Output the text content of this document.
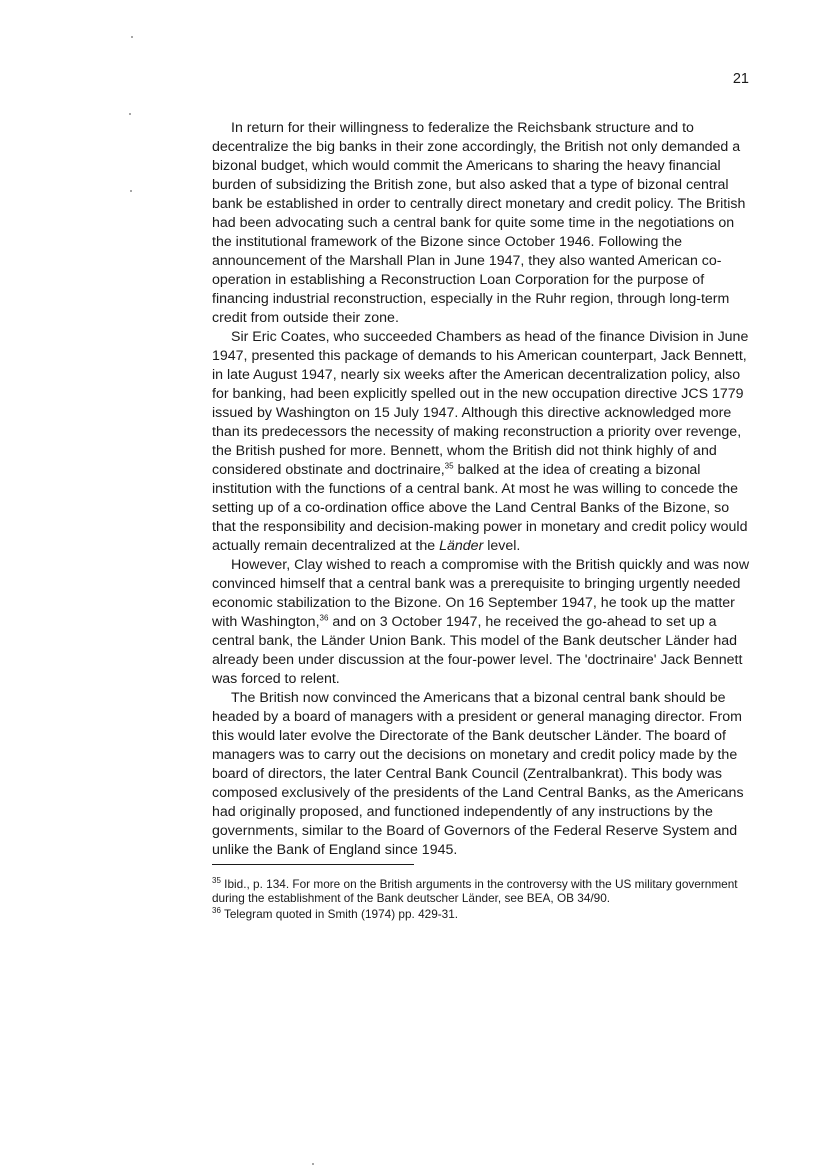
21

In return for their willingness to federalize the Reichsbank structure and to decentralize the big banks in their zone accordingly, the British not only demanded a bizonal budget, which would commit the Americans to sharing the heavy financial burden of subsidizing the British zone, but also asked that a type of bizonal central bank be established in order to centrally direct monetary and credit policy. The British had been advocating such a central bank for quite some time in the negotiations on the institutional framework of the Bizone since October 1946. Following the announcement of the Marshall Plan in June 1947, they also wanted American co-operation in establishing a Reconstruction Loan Corporation for the purpose of financing industrial reconstruction, especially in the Ruhr region, through long-term credit from outside their zone.

Sir Eric Coates, who succeeded Chambers as head of the finance Division in June 1947, presented this package of demands to his American counterpart, Jack Bennett, in late August 1947, nearly six weeks after the American decentralization policy, also for banking, had been explicitly spelled out in the new occupation directive JCS 1779 issued by Washington on 15 July 1947. Although this directive acknowledged more than its predecessors the necessity of making reconstruction a priority over revenge, the British pushed for more. Bennett, whom the British did not think highly of and considered obstinate and doctrinaire,$^{35}$ balked at the idea of creating a bizonal institution with the functions of a central bank. At most he was willing to concede the setting up of a co-ordination office above the Land Central Banks of the Bizone, so that the responsibility and decision-making power in monetary and credit policy would actually remain decentralized at the Länder level.

However, Clay wished to reach a compromise with the British quickly and was now convinced himself that a central bank was a prerequisite to bringing urgently needed economic stabilization to the Bizone. On 16 September 1947, he took up the matter with Washington,$^{36}$ and on 3 October 1947, he received the go-ahead to set up a central bank, the Länder Union Bank. This model of the Bank deutscher Länder had already been under discussion at the four-power level. The 'doctrinaire' Jack Bennett was forced to relent.

The British now convinced the Americans that a bizonal central bank should be headed by a board of managers with a president or general managing director. From this would later evolve the Directorate of the Bank deutscher Länder. The board of managers was to carry out the decisions on monetary and credit policy made by the board of directors, the later Central Bank Council (Zentralbankrat). This body was composed exclusively of the presidents of the Land Central Banks, as the Americans had originally proposed, and functioned independently of any instructions by the governments, similar to the Board of Governors of the Federal Reserve System and unlike the Bank of England since 1945.

$^{35}$ Ibid., p. 134. For more on the British arguments in the controversy with the US military government during the establishment of the Bank deutscher Länder, see BEA, OB 34/90.

$^{36}$ Telegram quoted in Smith (1974) pp. 429-31.
